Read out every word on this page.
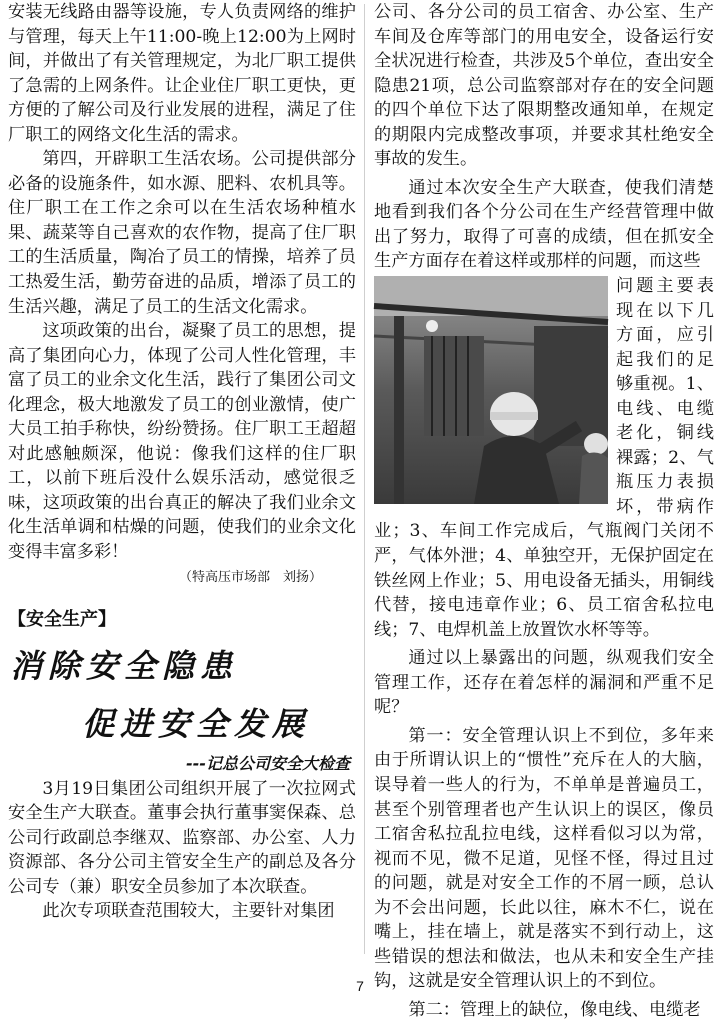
安装无线路由器等设施，专人负责网络的维护与管理，每天上午11:00-晚上12:00为上网时间，并做出了有关管理规定，为北厂职工提供了急需的上网条件。让企业住厂职工更快，更方便的了解公司及行业发展的进程，满足了住厂职工的网络文化生活的需求。

第四，开辟职工生活农场。公司提供部分必备的设施条件，如水源、肥料、农机具等。住厂职工在工作之余可以在生活农场种植水果、蔬菜等自己喜欢的农作物，提高了住厂职工的生活质量，陶冶了员工的情操，培养了员工热爱生活，勤劳奋进的品质，增添了员工的生活兴趣，满足了员工的生活文化需求。

这项政策的出台，凝聚了员工的思想，提高了集团向心力，体现了公司人性化管理，丰富了员工的业余文化生活，践行了集团公司文化理念，极大地激发了员工的创业激情，使广大员工拍手称快，纷纷赞扬。住厂职工王超超对此感触颇深，他说：像我们这样的住厂职工，以前下班后没什么娱乐活动，感觉很乏味，这项政策的出台真正的解决了我们业余文化生活单调和枯燥的问题，使我们的业余文化变得丰富多彩！

（特高压市场部　刘扬）
【安全生产】
消除安全隐患
促进安全发展
---记总公司安全大检查

3月19日集团公司组织开展了一次拉网式安全生产大联查。董事会执行董事窦保森、总公司行政副总李继双、监察部、办公室、人力资源部、各分公司主管安全生产的副总及各分公司专（兼）职安全员参加了本次联查。

此次专项联查范围较大，主要针对集团

公司、各分公司的员工宿舍、办公室、生产车间及仓库等部门的用电安全，设备运行安全状况进行检查，共涉及5个单位，查出安全隐患21项，总公司监察部对存在的安全问题的四个单位下达了限期整改通知单，在规定的期限内完成整改事项，并要求其杜绝安全事故的发生。

通过本次安全生产大联查，使我们清楚地看到我们各个分公司在生产经营管理中做出了努力，取得了可喜的成绩，但在抓安全生产方面存在着这样或那样的问题，而这些

问题主要表现在以下几方面，应引起我们的足够重视。1、电线、电缆老化，铜线裸露；2、气瓶压力表损坏，带病作业；3、车间工作完成后，气瓶阀门关闭不严，气体外泄；4、单独空开，无保护固定在铁丝网上作业；5、用电设备无插头，用铜线代替，接电违章作业；6、员工宿舍私拉电线；7、电焊机盖上放置饮水杯等等。

通过以上暴露出的问题，纵观我们安全管理工作，还存在着怎样的漏洞和严重不足呢？

第一：安全管理认识上不到位，多年来由于所谓认识上的“惯性”充斥在人的大脑，误导着一些人的行为，不单单是普遍员工，甚至个别管理者也产生认识上的误区，像员工宿舍私拉乱拉电线，这样看似习以为常，视而不见，微不足道，见怪不怪，得过且过的问题，就是对安全工作的不屑一顾，总认为不会出问题，长此以往，麻木不仁，说在嘴上，挂在墙上，就是落实不到行动上，这些错误的想法和做法，也从未和安全生产挂钩，这就是安全管理认识上的不到位。

第二：管理上的缺位，像电线、电缆老

7
